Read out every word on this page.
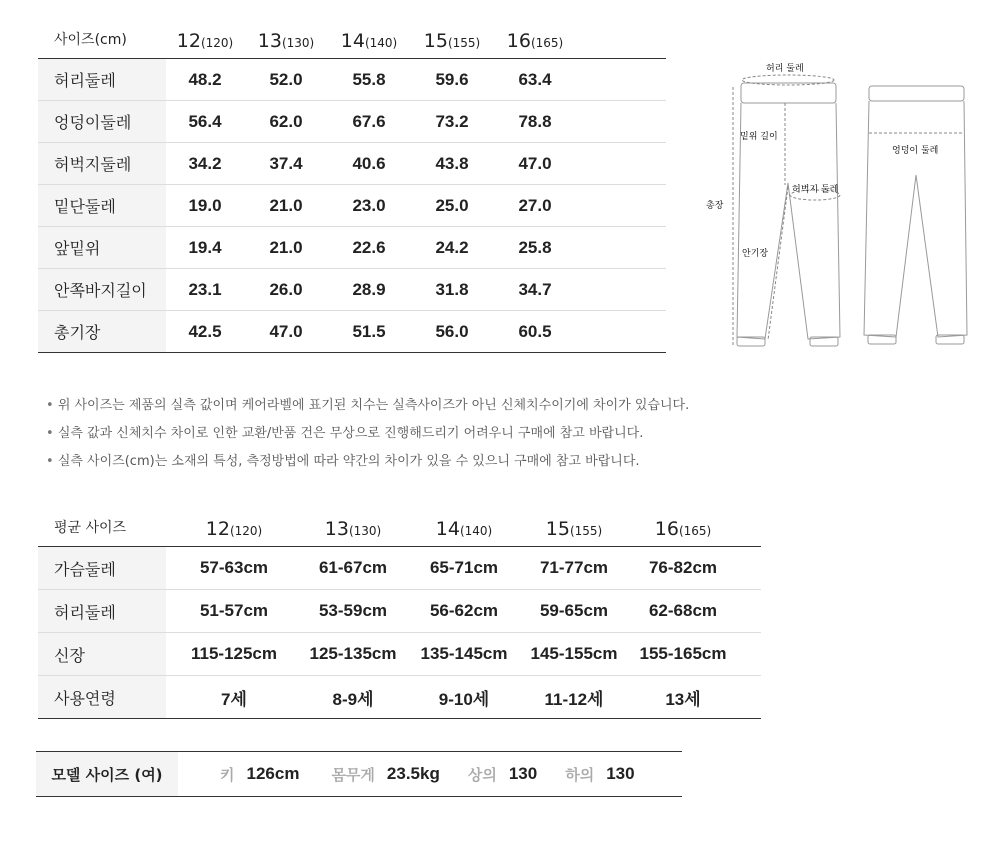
사이즈(cm)	12(120)	13(130)	14(140)	15(155)	16(165)
허리둘레	48.2	52.0	55.8	59.6	63.4
엉덩이둘레	56.4	62.0	67.6	73.2	78.8
허벅지둘레	34.2	37.4	40.6	43.8	47.0
밑단둘레	19.0	21.0	23.0	25.0	27.0
앞밑위	19.4	21.0	22.6	24.2	25.8
안쪽바지길이	23.1	26.0	28.9	31.8	34.7
총기장	42.5	47.0	51.5	56.0	60.5
허리 둘레
밑위 길이
허벅지 둘레
총장
안기장
엉덩이 둘레
• 위 사이즈는 제품의 실측 값이며 케어라벨에 표기된 치수는 실측사이즈가 아닌 신체치수이기에 차이가 있습니다.
• 실측 값과 신체치수 차이로 인한 교환/반품 건은 무상으로 진행해드리기 어려우니 구매에 참고 바랍니다.
• 실측 사이즈(cm)는 소재의 특성, 측정방법에 따라 약간의 차이가 있을 수 있으니 구매에 참고 바랍니다.
평균 사이즈	12(120)	13(130)	14(140)	15(155)	16(165)
가슴둘레	57-63cm	61-67cm	65-71cm	71-77cm	76-82cm
허리둘레	51-57cm	53-59cm	56-62cm	59-65cm	62-68cm
신장	115-125cm	125-135cm	135-145cm	145-155cm	155-165cm
사용연령	7세	8-9세	9-10세	11-12세	13세
모델 사이즈 (여)	키 126cm 몸무게 23.5kg 상의 130 하의 130
